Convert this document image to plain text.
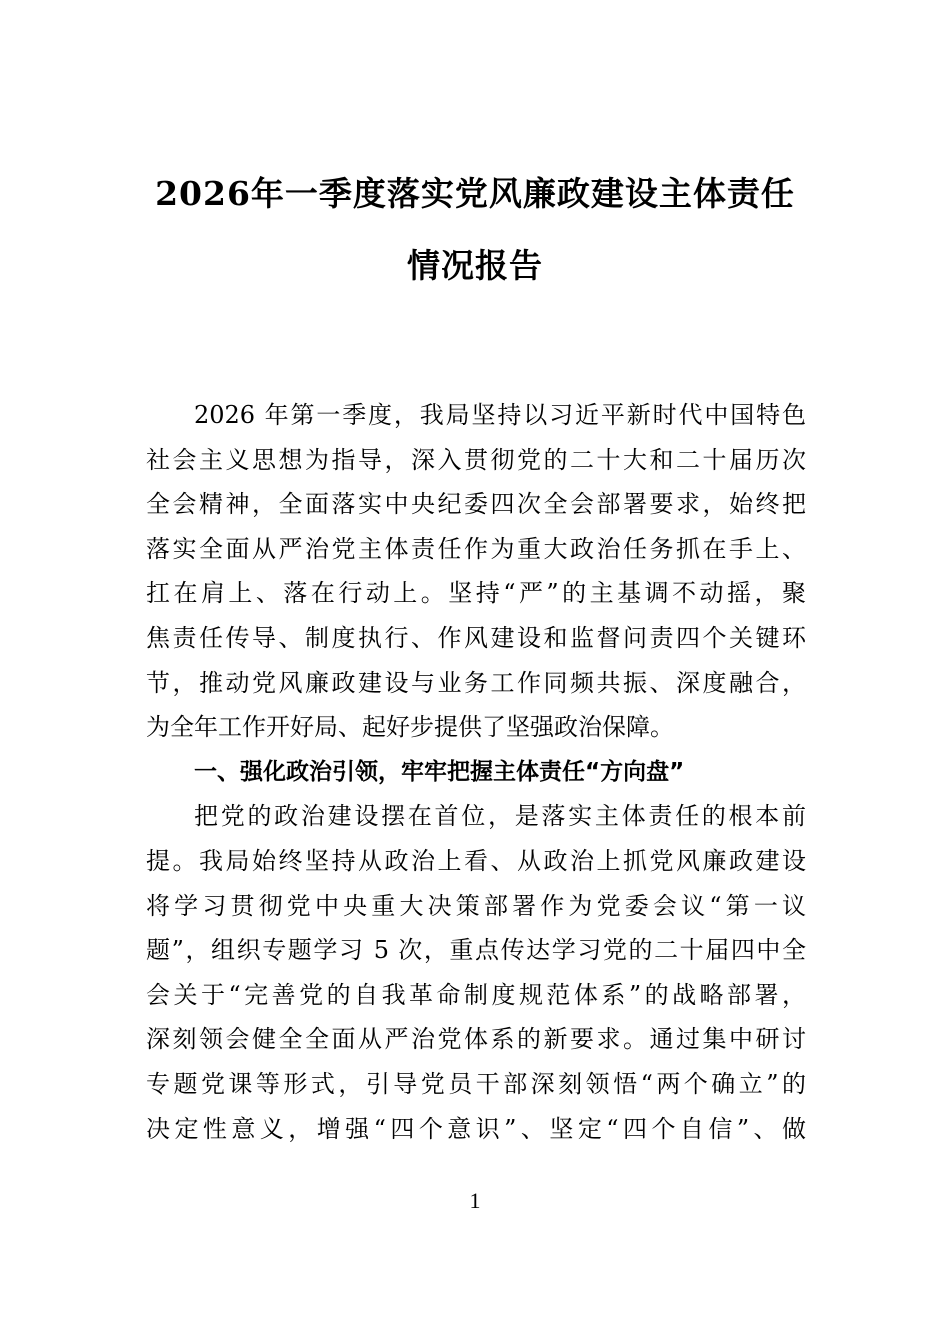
2026年一季度落实党风廉政建设主体责任
情况报告
2026 年第一季度，我局坚持以习近平新时代中国特色
社会主义思想为指导，深入贯彻党的二十大和二十届历次
全会精神，全面落实中央纪委四次全会部署要求，始终把
落实全面从严治党主体责任作为重大政治任务抓在手上、
扛在肩上、落在行动上。坚持“严”的主基调不动摇，聚
焦责任传导、制度执行、作风建设和监督问责四个关键环
节，推动党风廉政建设与业务工作同频共振、深度融合，
为全年工作开好局、起好步提供了坚强政治保障。
一、强化政治引领，牢牢把握主体责任“方向盘”
把党的政治建设摆在首位，是落实主体责任的根本前
提。我局始终坚持从政治上看、从政治上抓党风廉政建设
将学习贯彻党中央重大决策部署作为党委会议“第一议
题”，组织专题学习 5 次，重点传达学习党的二十届四中全
会关于“完善党的自我革命制度规范体系”的战略部署，
深刻领会健全全面从严治党体系的新要求。通过集中研讨
专题党课等形式，引导党员干部深刻领悟“两个确立”的
决定性意义，增强“四个意识”、坚定“四个自信”、做
1
